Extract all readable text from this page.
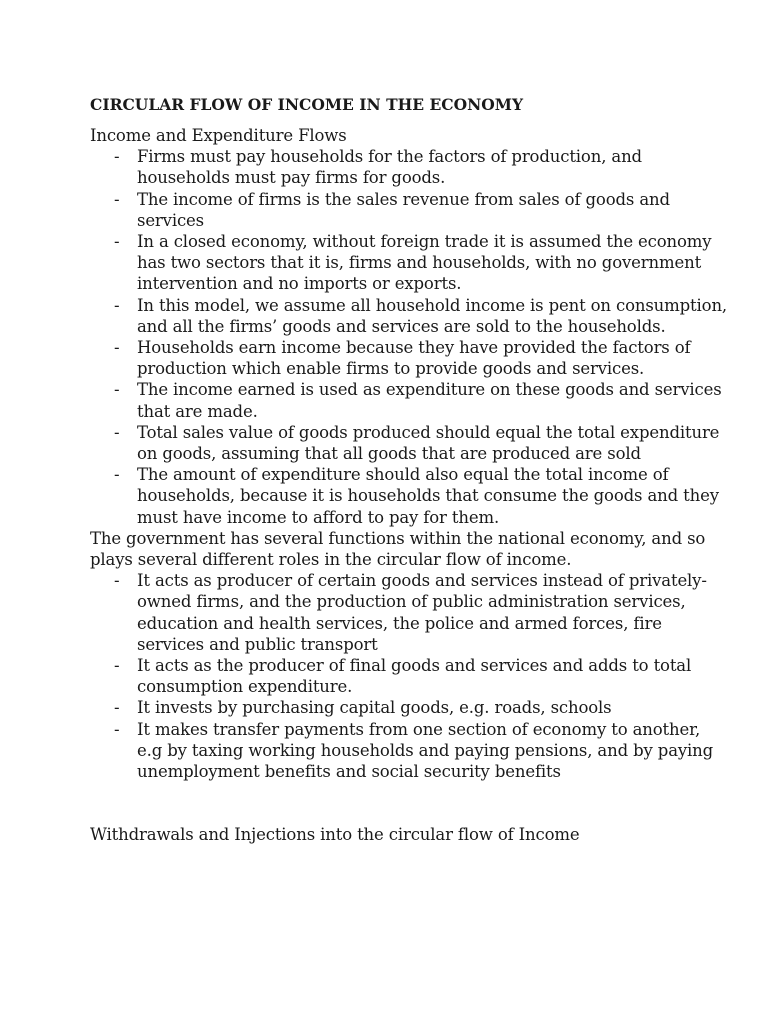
CIRCULAR FLOW OF INCOME IN THE ECONOMY
Income and Expenditure Flows
- Firms must pay households for the factors of production, and households must pay firms for goods.
- The income of firms is the sales revenue from sales of goods and services
- In a closed economy, without foreign trade it is assumed the economy has two sectors that it is, firms and households, with no government intervention and no imports or exports.
- In this model, we assume all household income is pent on consumption, and all the firms’ goods and services are sold to the households.
- Households earn income because they have provided the factors of production which enable firms to provide goods and services.
- The income earned is used as expenditure on these goods and services that are made.
- Total sales value of goods produced should equal the total expenditure on goods, assuming that all goods that are produced are sold
- The amount of expenditure should also equal the total income of households, because it is households that consume the goods and they must have income to afford to pay for them.
The government has several functions within the national economy, and so plays several different roles in the circular flow of income.
- It acts as producer of certain goods and services instead of privately-owned firms, and the production of public administration services, education and health services, the police and armed forces, fire services and public transport
- It acts as the producer of final goods and services and adds to total consumption expenditure.
- It invests by purchasing capital goods, e.g. roads, schools
- It makes transfer payments from one section of economy to another, e.g by taxing working households and paying pensions, and by paying unemployment benefits and social security benefits
Withdrawals and Injections into the circular flow of Income
